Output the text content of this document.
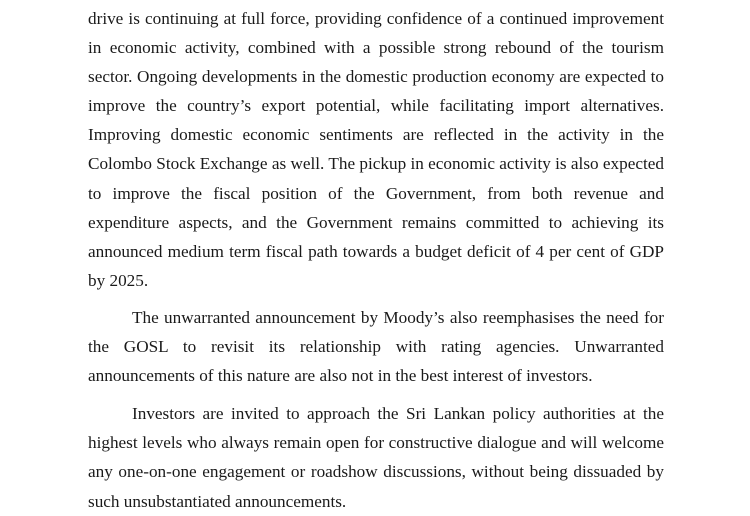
drive is continuing at full force, providing confidence of a continued improvement in economic activity, combined with a possible strong rebound of the tourism sector. Ongoing developments in the domestic production economy are expected to improve the country’s export potential, while facilitating import alternatives. Improving domestic economic sentiments are reflected in the activity in the Colombo Stock Exchange as well. The pickup in economic activity is also expected to improve the fiscal position of the Government, from both revenue and expenditure aspects, and the Government remains committed to achieving its announced medium term fiscal path towards a budget deficit of 4 per cent of GDP by 2025.

The unwarranted announcement by Moody’s also reemphasises the need for the GOSL to revisit its relationship with rating agencies. Unwarranted announcements of this nature are also not in the best interest of investors.

Investors are invited to approach the Sri Lankan policy authorities at the highest levels who always remain open for constructive dialogue and will welcome any one-on-one engagement or roadshow discussions, without being dissuaded by such unsubstantiated announcements.
